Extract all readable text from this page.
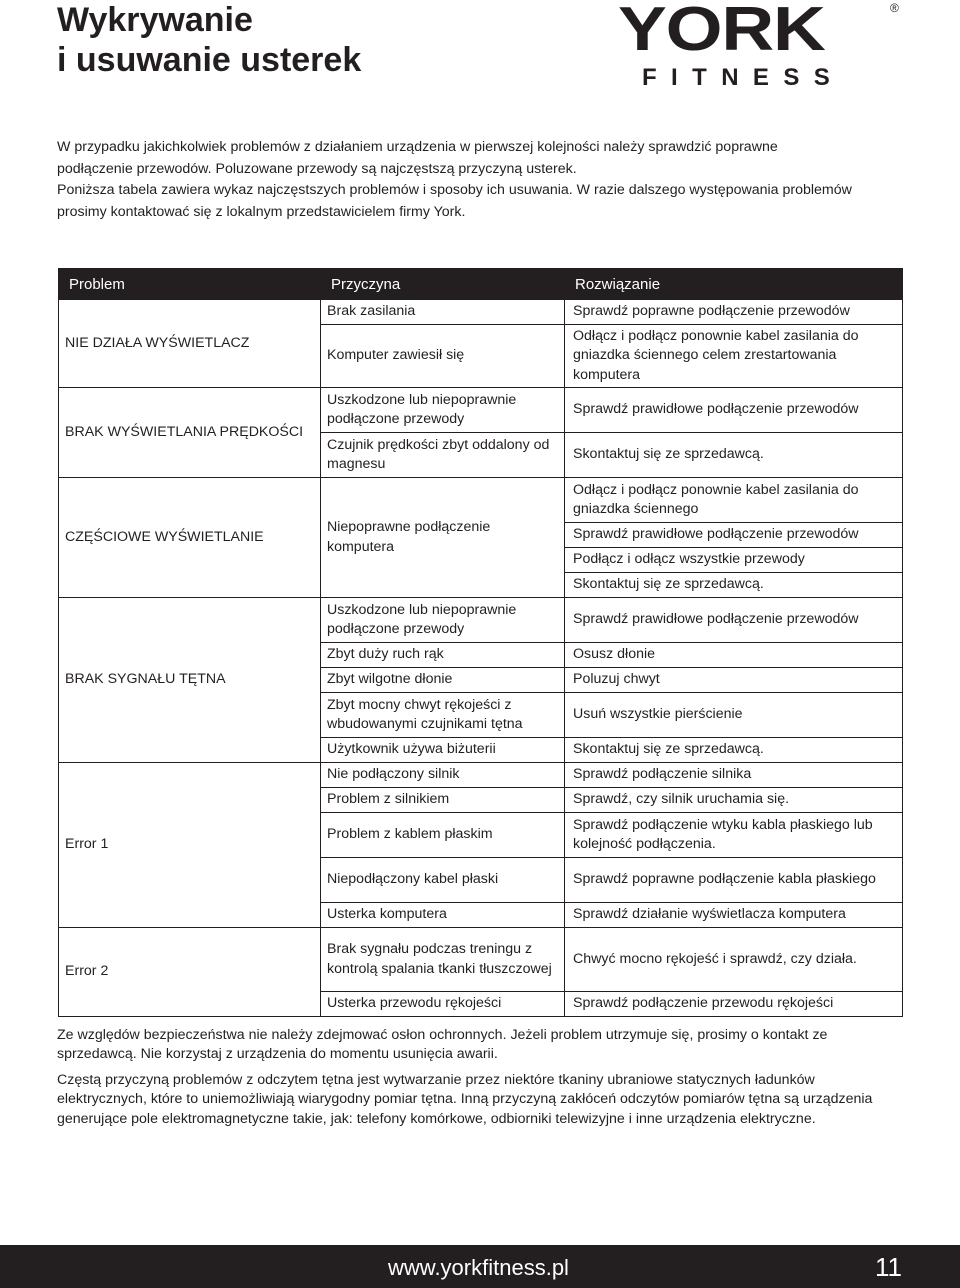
Wykrywanie
i usuwanie usterek	YORK	®
FITNESS

W przypadku jakichkolwiek problemów z działaniem urządzenia w pierwszej kolejności należy sprawdzić poprawne podłączenie przewodów. Poluzowane przewody są najczęstszą przyczyną usterek.

Poniższa tabela zawiera wykaz najczęstszych problemów i sposoby ich usuwania. W razie dalszego występowania problemów prosimy kontaktować się z lokalnym przedstawicielem firmy York.

Problem	Przyczyna	Rozwiązanie
NIE DZIAŁA WYŚWIETLACZ	Brak zasilania	Sprawdź poprawne podłączenie przewodów
	Komputer zawiesił się	Odłącz i podłącz ponownie kabel zasilania do gniazdka ściennego celem zrestartowania komputera
BRAK WYŚWIETLANIA PRĘDKOŚCI	Uszkodzone lub niepoprawnie podłączone przewody	Sprawdź prawidłowe podłączenie przewodów
	Czujnik prędkości zbyt oddalony od magnesu	Skontaktuj się ze sprzedawcą.
CZĘŚCIOWE WYŚWIETLANIE	Niepoprawne podłączenie komputera	Odłącz i podłącz ponownie kabel zasilania do gniazdka ściennego
		Sprawdź prawidłowe podłączenie przewodów
		Podłącz i odłącz wszystkie przewody
		Skontaktuj się ze sprzedawcą.
BRAK SYGNAŁU TĘTNA	Uszkodzone lub niepoprawnie podłączone przewody	Sprawdź prawidłowe podłączenie przewodów
	Zbyt duży ruch rąk	Osusz dłonie
	Zbyt wilgotne dłonie	Poluzuj chwyt
	Zbyt mocny chwyt rękojeści z wbudowanymi czujnikami tętna	Usuń wszystkie pierścienie
	Użytkownik używa biżuterii	Skontaktuj się ze sprzedawcą.
Error 1	Nie podłączony silnik	Sprawdź podłączenie silnika
	Problem z silnikiem	Sprawdź, czy silnik uruchamia się.
	Problem z kablem płaskim	Sprawdź podłączenie wtyku kabla płaskiego lub kolejność podłączenia.
	Niepodłączony kabel płaski	Sprawdź poprawne podłączenie kabla płaskiego
	Usterka komputera	Sprawdź działanie wyświetlacza komputera
Error 2	Brak sygnału podczas treningu z kontrolą spalania tkanki tłuszczowej	Chwyć mocno rękojeść i sprawdź, czy działa.
	Usterka przewodu rękojeści	Sprawdź podłączenie przewodu rękojeści

Ze względów bezpieczeństwa nie należy zdejmować osłon ochronnych. Jeżeli problem utrzymuje się, prosimy o kontakt ze sprzedawcą. Nie korzystaj z urządzenia do momentu usunięcia awarii.

Częstą przyczyną problemów z odczytem tętna jest wytwarzanie przez niektóre tkaniny ubraniowe statycznych ładunków elektrycznych, które to uniemożliwiają wiarygodny pomiar tętna. Inną przyczyną zakłóceń odczytów pomiarów tętna są urządzenia generujące pole elektromagnetyczne takie, jak: telefony komórkowe, odbiorniki telewizyjne i inne urządzenia elektryczne.

www.yorkfitness.pl	11
